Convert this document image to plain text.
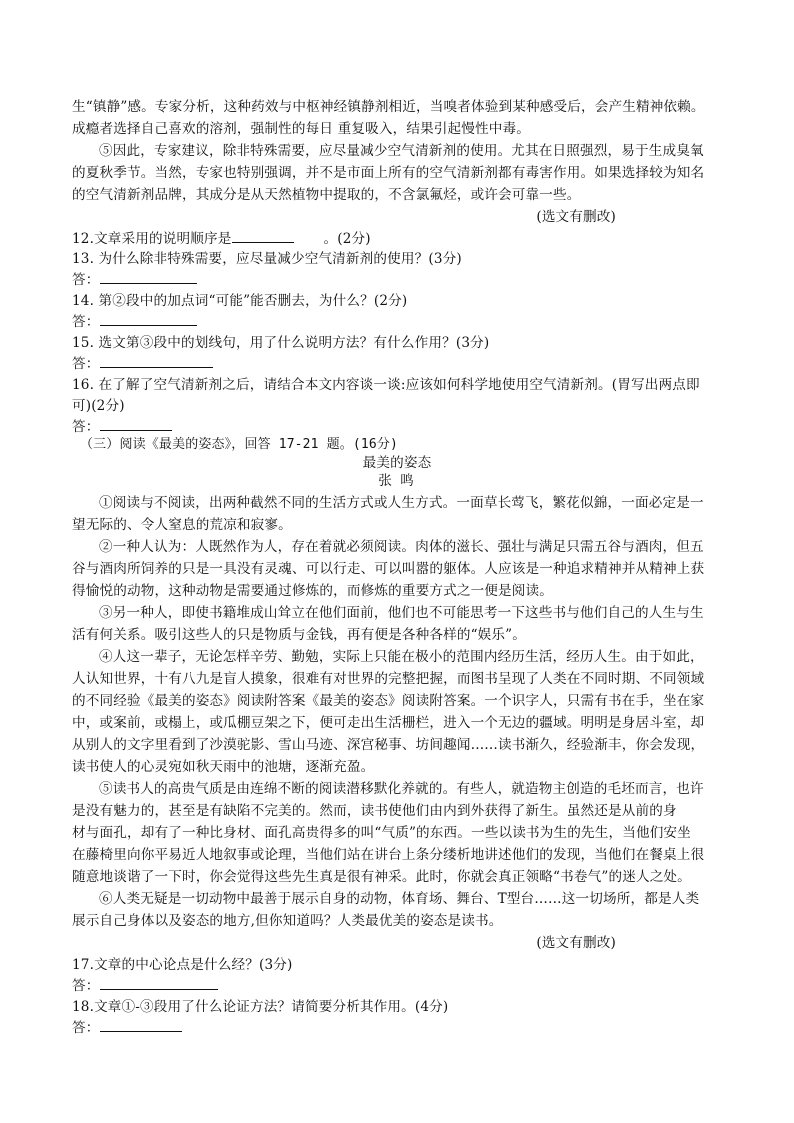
生“镇静”感。专家分析，这种药效与中枢神经镇静剂相近，当嗅者体验到某种感受后，会产生精神依赖。
成瘾者选择自己喜欢的溶剂，强制性的每日 重复吸入，结果引起慢性中毒。
⑤因此，专家建议，除非特殊需要，应尽量减少空气清新剂的使用。尤其在日照强烈，易于生成臭氧
的夏秋季节。当然，专家也特别强调，并不是市面上所有的空气清新剂都有毒害作用。如果选择较为知名
的空气清新剂品牌，其成分是从天然植物中提取的，不含氯氟烃，或许会可靠一些。
(选文有删改)
12.文章采用的说明顺序是	。(2分)
13. 为什么除非特殊需要，应尽量减少空气清新剂的使用？(3分)
答：
14. 第②段中的加点词“可能”能否删去，为什么？(2分)
答：
15. 选文第③段中的划线句，用了什么说明方法？有什么作用？(3分)
答：
16. 在了解了空气清新剂之后，请结合本文内容谈一谈:应该如何科学地使用空气清新剂。(胃写出两点即
可)(2分)
答：
（三）阅读《最美的姿态》，回答 17-21 题。(16分)
最美的姿态
张 鸣
①阅读与不阅读，出两种截然不同的生活方式或人生方式。一面草长莺飞，繁花似錦，一面必定是一
望无际的、令人窒息的荒凉和寂寥。
②一种人认为：人既然作为人，存在着就必须阅读。肉体的滋长、强壮与满足只需五谷与酒肉，但五
谷与酒肉所饲养的只是一具没有灵魂、可以行走、可以叫嚣的躯体。人应该是一种追求精神并从精神上获
得愉悦的动物，这种动物是需要通过修炼的，而修炼的重要方式之一便是阅读。
③另一种人，即使书籍堆成山耸立在他们面前，他们也不可能思考一下这些书与他们自己的人生与生
活有何关系。吸引这些人的只是物质与金钱，再有便是各种各样的“娱乐”。
④人这一辈子，无论怎样辛劳、勤勉，实际上只能在极小的范围内经历生活，经历人生。由于如此，
人认知世界，十有八九是盲人摸象，很难有对世界的完整把握，而图书呈现了人类在不同时期、不同领域
的不同经验《最美的姿态》阅读附答案《最美的姿态》阅读附答案。一个识字人，只需有书在手，坐在家
中，或案前，或榻上，或瓜棚豆架之下，便可走出生活栅栏，进入一个无边的疆域。明明是身居斗室，却
从别人的文字里看到了沙漠驼影、雪山马迹、深宫秘事、坊间趣闻……读书渐久，经验渐丰，你会发现，
读书使人的心灵宛如秋天雨中的池塘，逐渐充盈。
⑤读书人的高贵气质是由连绵不断的阅读潜移默化养就的。有些人，就造物主创造的毛坯而言，也许
是没有魅力的，甚至是有缺陷不完美的。然而，读书使他们由内到外获得了新生。虽然还是从前的身
材与面孔，却有了一种比身材、面孔高贵得多的叫“气质”的东西。一些以读书为生的先生，当他们安坐
在藤椅里向你平易近人地叙事或论理，当他们站在讲台上条分缕析地讲述他们的发现，当他们在餐桌上很
随意地谈谐了一下时，你会觉得这些先生真是很有神采。此时，你就会真正领略“书卷气”的迷人之处。
⑥人类无疑是一切动物中最善于展示自身的动物，体育场、舞台、T型台……这一切场所，都是人类
展示自己身体以及姿态的地方,但你知道吗？人类最优美的姿态是读书。
(选文有删改)
17.文章的中心论点是什么经？(3分)
答：
18.文章①-③段用了什么论证方法？请简要分析其作用。(4分)
答：
